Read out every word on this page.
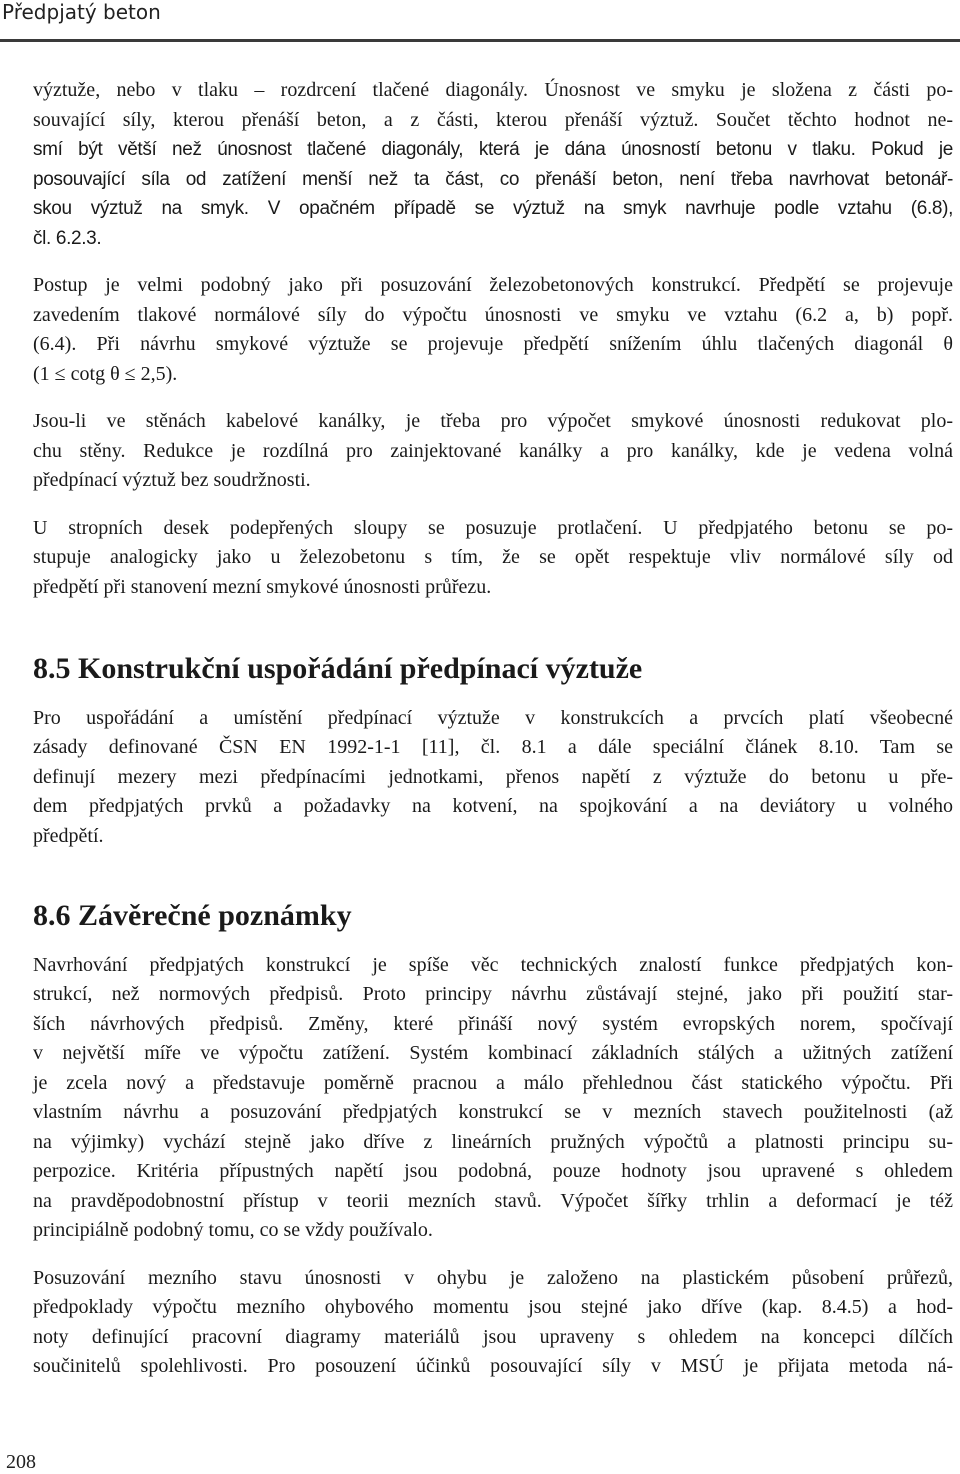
Předpjatý beton
výztuže, nebo v tlaku – rozdrcení tlačené diagonály. Únosnost ve smyku je složena z části po-
souvající síly, kterou přenáší beton, a z části, kterou přenáší výztuž. Součet těchto hodnot ne-
smí být větší než únosnost tlačené diagonály, která je dána únosností betonu v tlaku. Pokud je
posouvající síla od zatížení menší než ta část, co přenáší beton, není třeba navrhovat betonář-
skou výztuž na smyk. V opačném případě se výztuž na smyk navrhuje podle vztahu (6.8),
čl. 6.2.3.
Postup je velmi podobný jako při posuzování železobetonových konstrukcí. Předpětí se projevuje
zavedením tlakové normálové síly do výpočtu únosnosti ve smyku ve vztahu (6.2 a, b) popř.
(6.4). Při návrhu smykové výztuže se projevuje předpětí snížením úhlu tlačených diagonál θ
(1 ≤ cotg θ ≤ 2,5).
Jsou-li ve stěnách kabelové kanálky, je třeba pro výpočet smykové únosnosti redukovat plo-
chu stěny. Redukce je rozdílná pro zainjektované kanálky a pro kanálky, kde je vedena volná
předpínací výztuž bez soudržnosti.
U stropních desek podepřených sloupy se posuzuje protlačení. U předpjatého betonu se po-
stupuje analogicky jako u železobetonu s tím, že se opět respektuje vliv normálové síly od
předpětí při stanovení mezní smykové únosnosti průřezu.
8.5 Konstrukční uspořádání předpínací výztuže
Pro uspořádání a umístění předpínací výztuže v konstrukcích a prvcích platí všeobecné
zásady definované ČSN EN 1992-1-1 [11], čl. 8.1 a dále speciální článek 8.10. Tam se
definují mezery mezi předpínacími jednotkami, přenos napětí z výztuže do betonu u pře-
dem předpjatých prvků a požadavky na kotvení, na spojkování a na deviátory u volného
předpětí.
8.6 Závěrečné poznámky
Navrhování předpjatých konstrukcí je spíše věc technických znalostí funkce předpjatých kon-
strukcí, než normových předpisů. Proto principy návrhu zůstávají stejné, jako při použití star-
ších návrhových předpisů. Změny, které přináší nový systém evropských norem, spočívají
v největší míře ve výpočtu zatížení. Systém kombinací základních stálých a užitných zatížení
je zcela nový a představuje poměrně pracnou a málo přehlednou část statického výpočtu. Při
vlastním návrhu a posuzování předpjatých konstrukcí se v mezních stavech použitelnosti (až
na výjimky) vychází stejně jako dříve z lineárních pružných výpočtů a platnosti principu su-
perpozice. Kritéria přípustných napětí jsou podobná, pouze hodnoty jsou upravené s ohledem
na pravděpodobnostní přístup v teorii mezních stavů. Výpočet šířky trhlin a deformací je též
principiálně podobný tomu, co se vždy používalo.
Posuzování mezního stavu únosnosti v ohybu je založeno na plastickém působení průřezů,
předpoklady výpočtu mezního ohybového momentu jsou stejné jako dříve (kap. 8.4.5) a hod-
noty definující pracovní diagramy materiálů jsou upraveny s ohledem na koncepci dílčích
součinitelů spolehlivosti. Pro posouzení účinků posouvající síly v MSÚ je přijata metoda ná-
208
